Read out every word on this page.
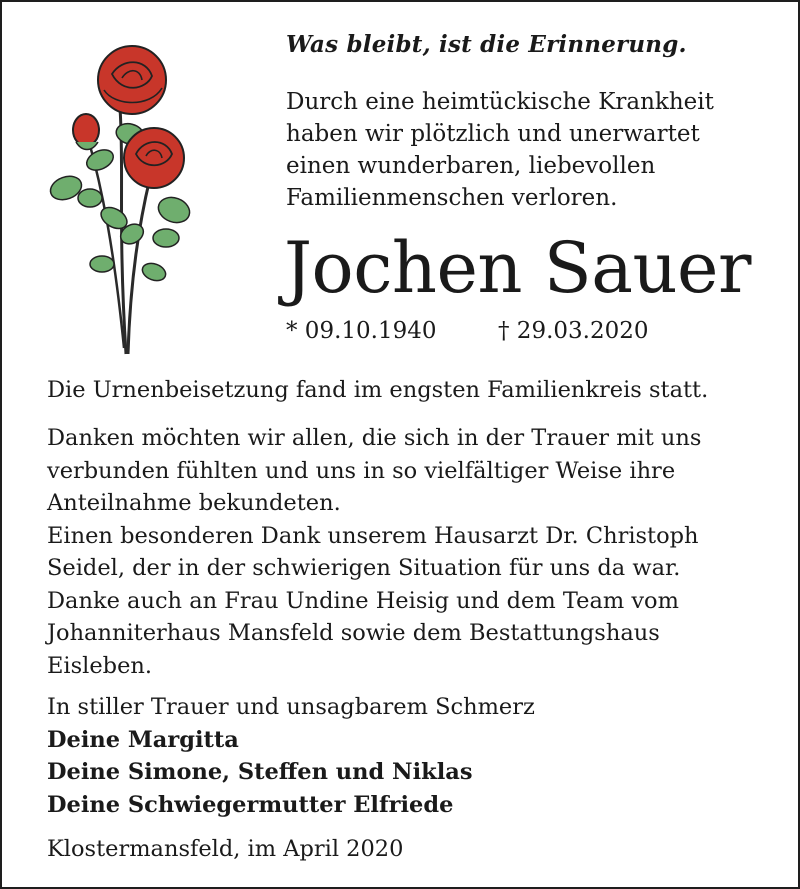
Was bleibt, ist die Erinnerung.
Durch eine heimtückische Krankheit
haben wir plötzlich und unerwartet
einen wunderbaren, liebevollen
Familienmenschen verloren.
Jochen Sauer
* 09.10.1940	† 29.03.2020
Die Urnenbeisetzung fand im engsten Familienkreis statt.
Danken möchten wir allen, die sich in der Trauer mit uns
verbunden fühlten und uns in so vielfältiger Weise ihre
Anteilnahme bekundeten.
Einen besonderen Dank unserem Hausarzt Dr. Christoph
Seidel, der in der schwierigen Situation für uns da war.
Danke auch an Frau Undine Heisig und dem Team vom
Johanniterhaus Mansfeld sowie dem Bestattungshaus
Eisleben.
In stiller Trauer und unsagbarem Schmerz
Deine Margitta
Deine Simone, Steffen und Niklas
Deine Schwiegermutter Elfriede
Klostermansfeld, im April 2020
